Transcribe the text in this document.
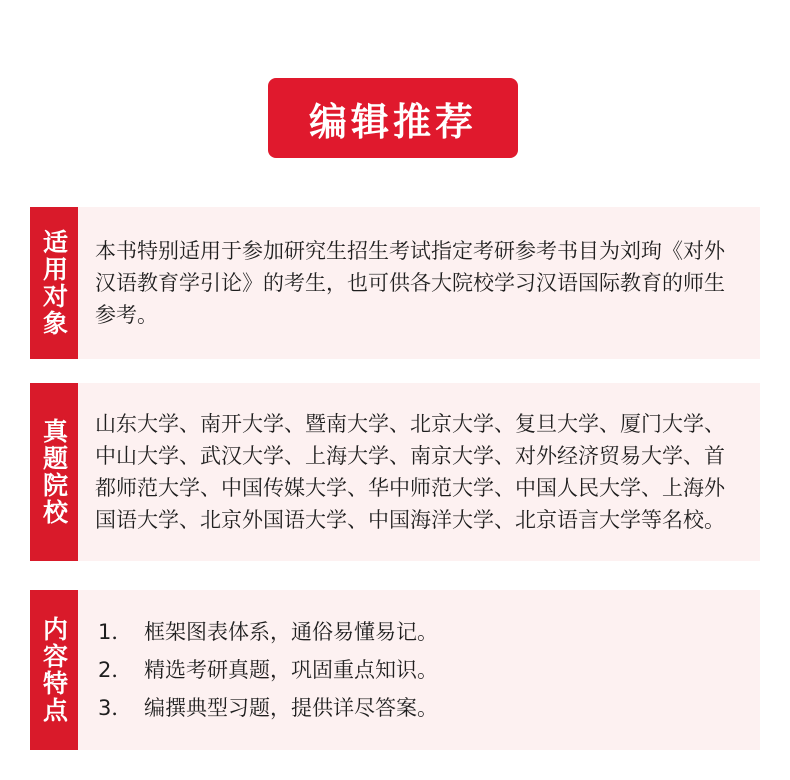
编辑推荐
适用对象	本书特别适用于参加研究生招生考试指定考研参考书目为刘珣《对外汉语教育学引论》的考生，也可供各大院校学习汉语国际教育的师生参考。
真题院校	山东大学、南开大学、暨南大学、北京大学、复旦大学、厦门大学、中山大学、武汉大学、上海大学、南京大学、对外经济贸易大学、首都师范大学、中国传媒大学、华中师范大学、中国人民大学、上海外国语大学、北京外国语大学、中国海洋大学、北京语言大学等名校。
内容特点 1． 框架图表体系，通俗易懂易记。
2． 精选考研真题，巩固重点知识。
3． 编撰典型习题，提供详尽答案。
